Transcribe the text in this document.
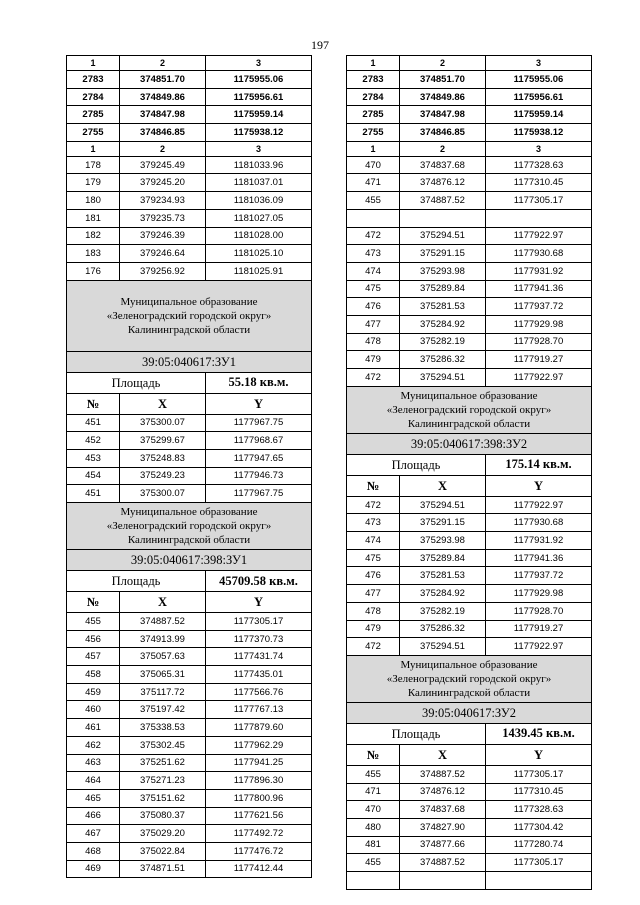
197
1	2	3
2783	374851.70	1175955.06
2784	374849.86	1175956.61
2785	374847.98	1175959.14
2755	374846.85	1175938.12
1	2	3
178	379245.49	1181033.96
179	379245.20	1181037.01
180	379234.93	1181036.09
181	379235.73	1181027.05
182	379246.39	1181028.00
183	379246.64	1181025.10
176	379256.92	1181025.91

Муниципальное образование
«Зеленоградский городской округ»
Калининградской области		

39:05:040617:ЗУ1		
Площадь		55.18 кв.м.
№	X	Y
451	375300.07	1177967.75
452	375299.67	1177968.67
453	375248.83	1177947.65
454	375249.23	1177946.73
451	375300.07	1177967.75

Муниципальное образование
«Зеленоградский городской округ»
Калининградской области		

39:05:040617:398:ЗУ1		
Площадь		45709.58 кв.м.
№	X	Y
455	374887.52	1177305.17
456	374913.99	1177370.73
457	375057.63	1177431.74
458	375065.31	1177435.01
459	375117.72	1177566.76
460	375197.42	1177767.13
461	375338.53	1177879.60
462	375302.45	1177962.29
463	375251.62	1177941.25
464	375271.23	1177896.30
465	375151.62	1177800.96
466	375080.37	1177621.56
467	375029.20	1177492.72
468	375022.84	1177476.72
469	374871.51	1177412.44
1	2	3
2783	374851.70	1175955.06
2784	374849.86	1175956.61
2785	374847.98	1175959.14
2755	374846.85	1175938.12
1	2	3
470	374837.68	1177328.63
471	374876.12	1177310.45
455	374887.52	1177305.17

472	375294.51	1177922.97
473	375291.15	1177930.68
474	375293.98	1177931.92
475	375289.84	1177941.36
476	375281.53	1177937.72
477	375284.92	1177929.98
478	375282.19	1177928.70
479	375286.32	1177919.27
472	375294.51	1177922.97

Муниципальное образование
«Зеленоградский городской округ»
Калининградской области		

39:05:040617:398:ЗУ2		
Площадь		175.14 кв.м.
№	X	Y
472	375294.51	1177922.97
473	375291.15	1177930.68
474	375293.98	1177931.92
475	375289.84	1177941.36
476	375281.53	1177937.72
477	375284.92	1177929.98
478	375282.19	1177928.70
479	375286.32	1177919.27
472	375294.51	1177922.97

Муниципальное образование
«Зеленоградский городской округ»
Калининградской области		

39:05:040617:ЗУ2		
Площадь		1439.45 кв.м.
№	X	Y
455	374887.52	1177305.17
471	374876.12	1177310.45
470	374837.68	1177328.63
480	374827.90	1177304.42
481	374877.66	1177280.74
455	374887.52	1177305.17
